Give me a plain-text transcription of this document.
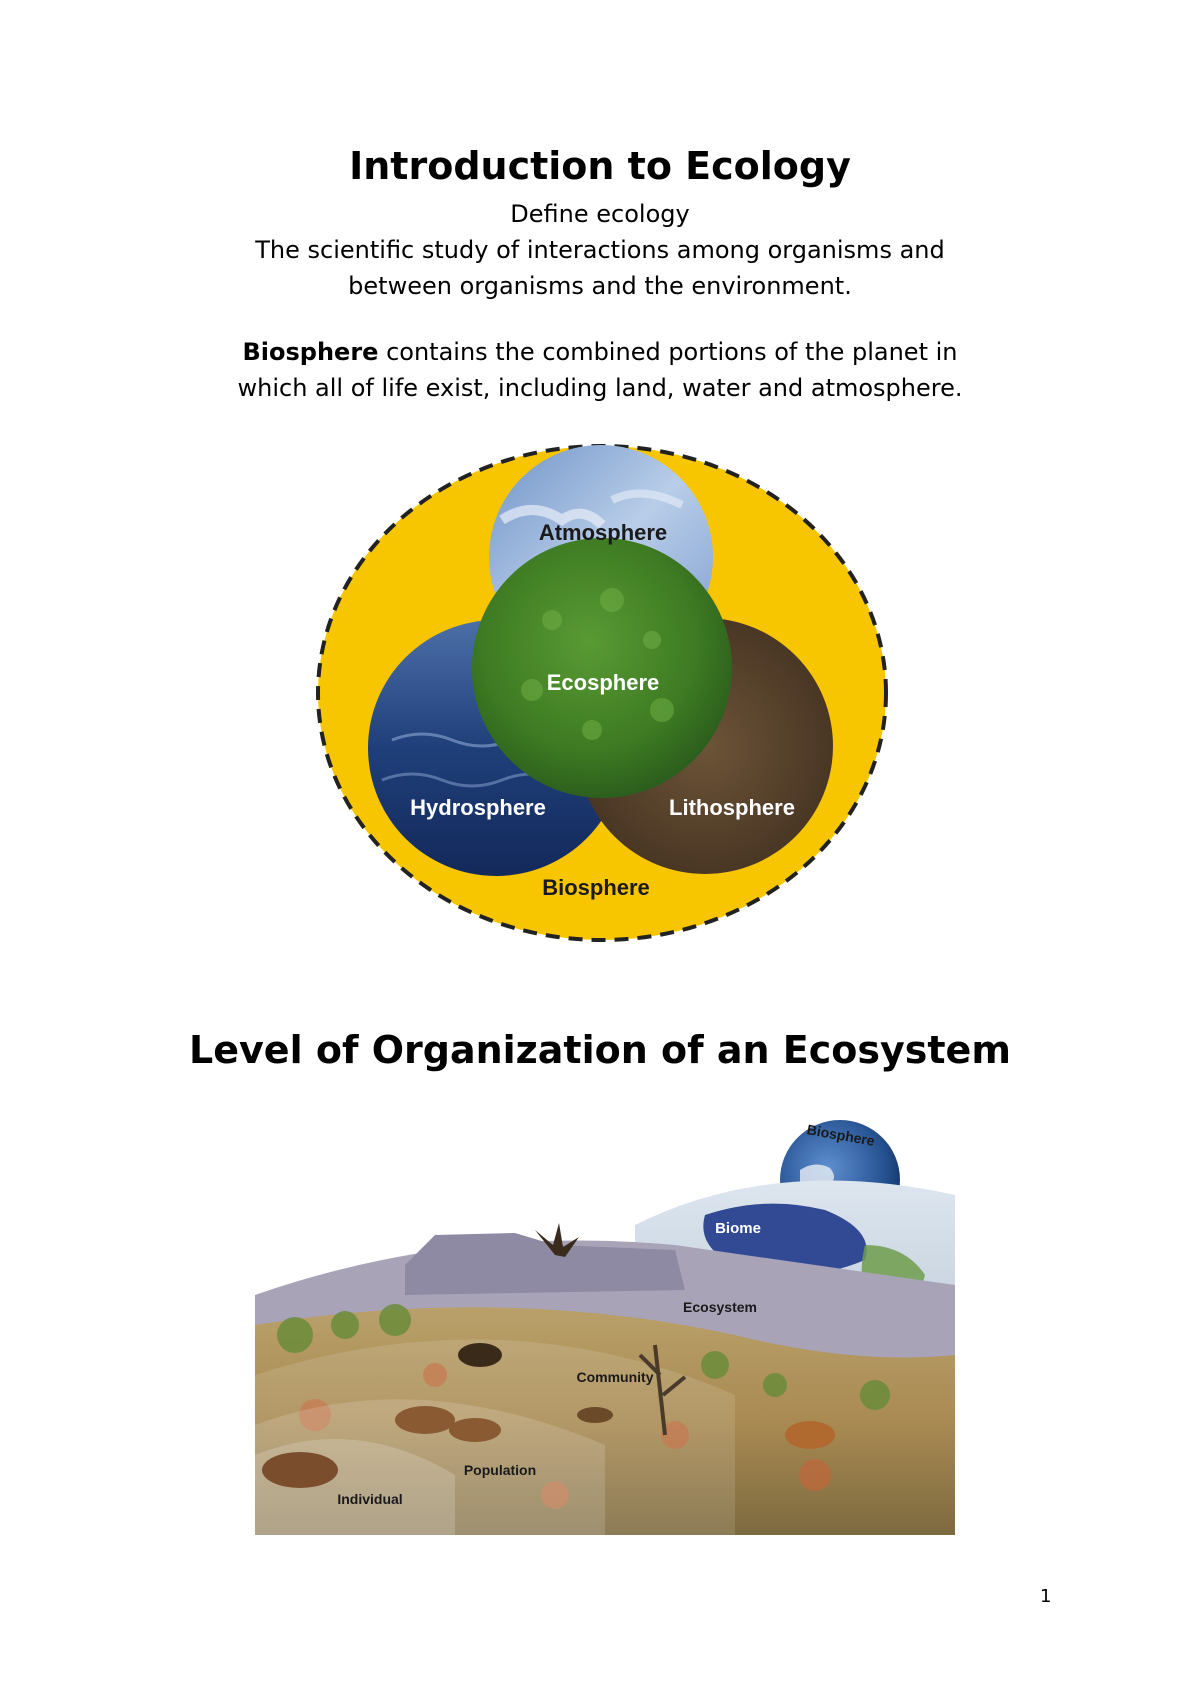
Introduction to Ecology
Define ecology
The scientific study of interactions among organisms and
between organisms and the environment.
Biosphere contains the combined portions of the planet in
which all of life exist, including land, water and atmosphere.
Atmosphere
Ecosphere
Hydrosphere	Lithosphere
Biosphere
Level of Organization of an Ecosystem
Biosphere
Biome
Ecosystem
Community
Population
Individual
1
